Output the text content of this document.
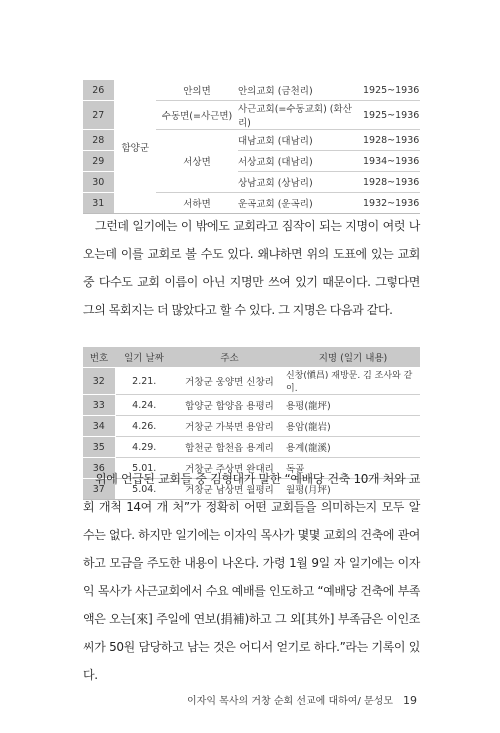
26	함양군	안의면	안의교회 (금천리)	1925~1936
27		수동면(=사근면)	사근교회(=수동교회) (화산리)	1925~1936
28		서상면	대남교회 (대남리)	1928~1936
29			서상교회 (대남리)	1934~1936
30			상남교회 (상남리)	1928~1936
31		서하면	운곡교회 (운곡리)	1932~1936

그런데 일기에는 이 밖에도 교회라고 짐작이 되는 지명이 여럿 나오는데 이를 교회로 볼 수도 있다. 왜냐하면 위의 도표에 있는 교회 중 다수도 교회 이름이 아닌 지명만 쓰여 있기 때문이다. 그렇다면 그의 목회지는 더 많았다고 할 수 있다. 그 지명은 다음과 같다.

번호	일기 날짜	주소	지명 (일기 내용)
32	2.21.	거창군 웅양면 신창리	신창(愼昌) 재방문. 김 조사와 같이.
33	4.24.	합양군 합양읍 용평리	용평(龍坪)
34	4.26.	거창군 가북면 용암리	용암(龍岩)
35	4.29.	합천군 합천읍 용계리	용계(龍溪)
36	5.01.	거창군 주상면 완대리	독골
37	5.04.	거창군 남상면 월평리	월평(月坪)

위에 언급된 교회들 중 김형대가 말한 “예배당 건축 10개 처와 교회 개척 14여 개 처”가 정확히 어떤 교회들을 의미하는지 모두 알 수는 없다. 하지만 일기에는 이자익 목사가 몇몇 교회의 건축에 관여하고 모금을 주도한 내용이 나온다. 가령 1월 9일 자 일기에는 이자익 목사가 사근교회에서 수요 예배를 인도하고 “예배당 건축에 부족액은 오는[來] 주일에 연보(捐補)하고 그 외[其外] 부족금은 이인조 씨가 50원 담당하고 남는 것은 어디서 얻기로 하다.”라는 기록이 있다.

이자익 목사의 거창 순회 선교에 대하여/ 문성모 19
